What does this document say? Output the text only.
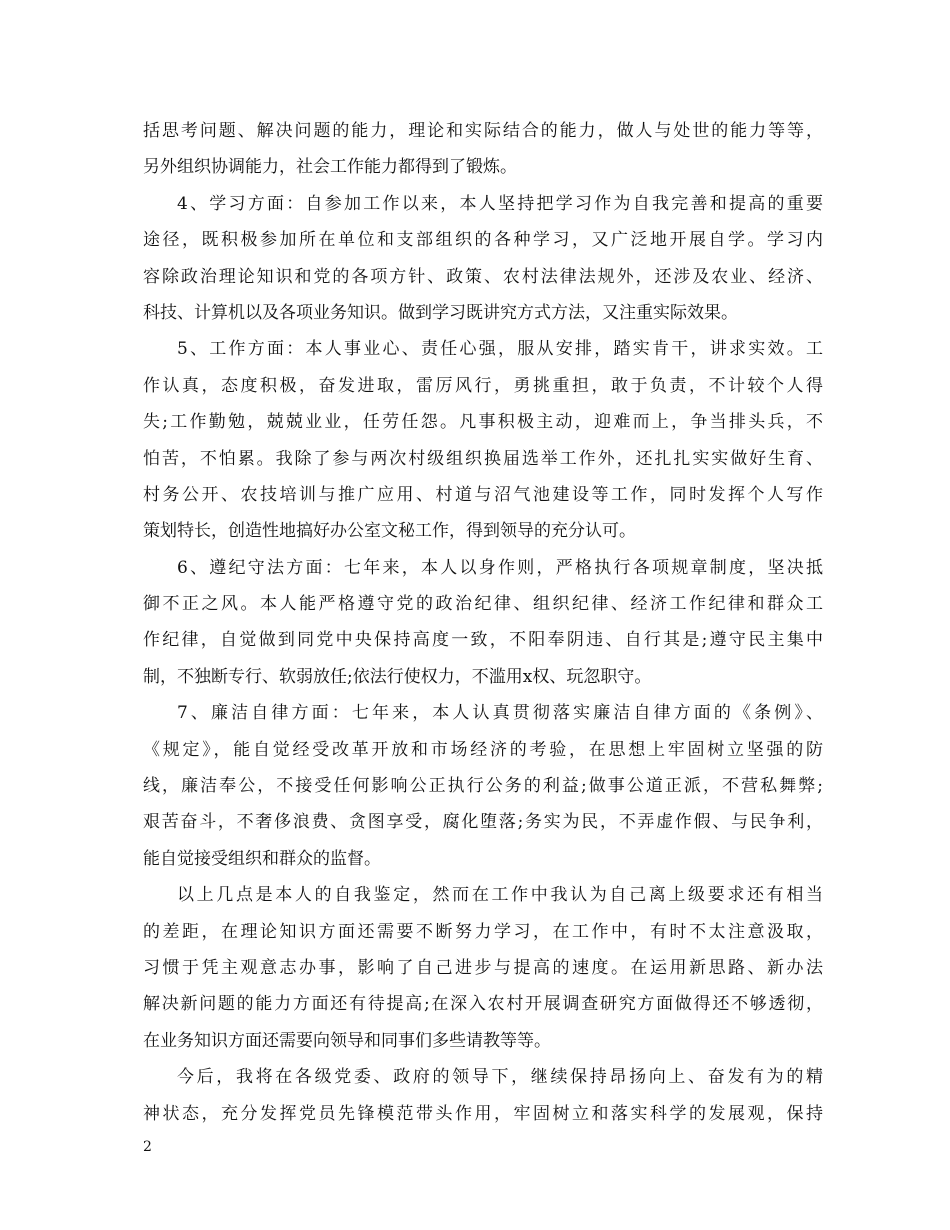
括思考问题、解决问题的能力，理论和实际结合的能力，做人与处世的能力等等，
另外组织协调能力，社会工作能力都得到了锻炼。
4、学习方面：自参加工作以来，本人坚持把学习作为自我完善和提高的重要
途径，既积极参加所在单位和支部组织的各种学习，又广泛地开展自学。学习内
容除政治理论知识和党的各项方针、政策、农村法律法规外，还涉及农业、经济、
科技、计算机以及各项业务知识。做到学习既讲究方式方法，又注重实际效果。
5、工作方面：本人事业心、责任心强，服从安排，踏实肯干，讲求实效。工
作认真，态度积极，奋发进取，雷厉风行，勇挑重担，敢于负责，不计较个人得
失;工作勤勉，兢兢业业，任劳任怨。凡事积极主动，迎难而上，争当排头兵，不
怕苦，不怕累。我除了参与两次村级组织换届选举工作外，还扎扎实实做好生育、
村务公开、农技培训与推广应用、村道与沼气池建设等工作，同时发挥个人写作
策划特长，创造性地搞好办公室文秘工作，得到领导的充分认可。
6、遵纪守法方面：七年来，本人以身作则，严格执行各项规章制度，坚决抵
御不正之风。本人能严格遵守党的政治纪律、组织纪律、经济工作纪律和群众工
作纪律，自觉做到同党中央保持高度一致，不阳奉阴违、自行其是;遵守民主集中
制，不独断专行、软弱放任;依法行使权力，不滥用x权、玩忽职守。
7、廉洁自律方面：七年来，本人认真贯彻落实廉洁自律方面的《条例》、
《规定》，能自觉经受改革开放和市场经济的考验，在思想上牢固树立坚强的防
线，廉洁奉公，不接受任何影响公正执行公务的利益;做事公道正派，不营私舞弊;
艰苦奋斗，不奢侈浪费、贪图享受，腐化堕落;务实为民，不弄虚作假、与民争利，
能自觉接受组织和群众的监督。
以上几点是本人的自我鉴定，然而在工作中我认为自己离上级要求还有相当
的差距，在理论知识方面还需要不断努力学习，在工作中，有时不太注意汲取，
习惯于凭主观意志办事，影响了自己进步与提高的速度。在运用新思路、新办法
解决新问题的能力方面还有待提高;在深入农村开展调查研究方面做得还不够透彻，
在业务知识方面还需要向领导和同事们多些请教等等。
今后，我将在各级党委、政府的领导下，继续保持昂扬向上、奋发有为的精
神状态，充分发挥党员先锋模范带头作用，牢固树立和落实科学的发展观，保持
2
